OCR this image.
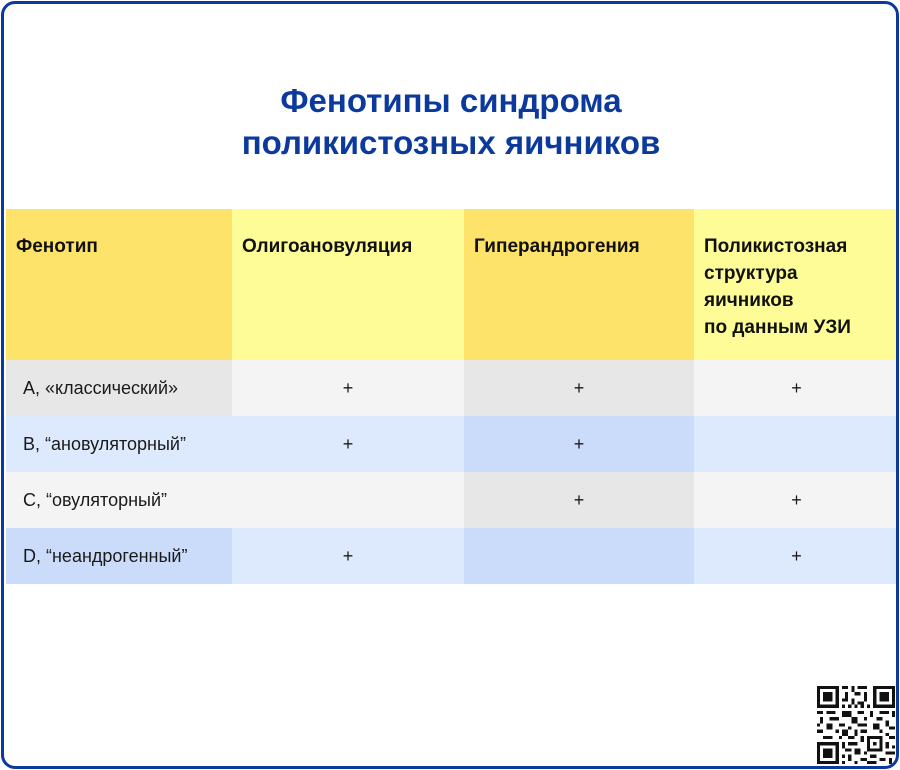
Фенотипы синдрома
поликистозных яичников
Фенотип	Олигоановуляция	Гиперандрогения	Поликистозная
структура
яичников
по данным УЗИ

A, «классический»	+	+	+
B, “ановуляторный”	+	+	
C, “овуляторный”		+	+
D, “неандрогенный”	+		+
